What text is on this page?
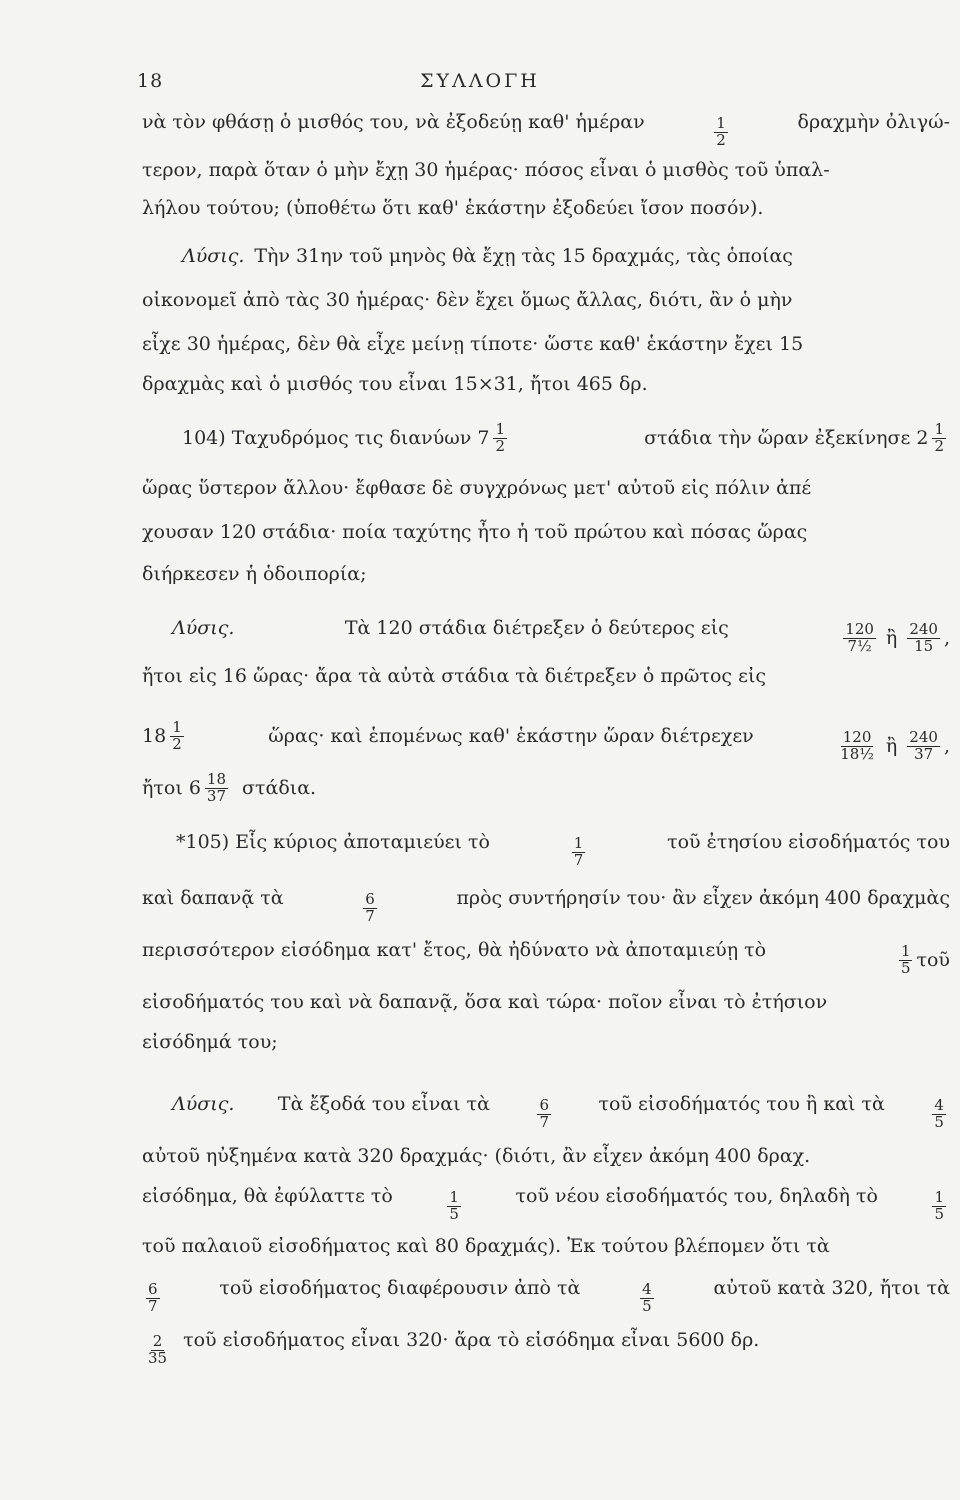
18	ΣΥΛΛΟΓΗ
νὰ τὸν φθάσῃ ὁ μισθός του, νὰ ἐξοδεύῃ καθ' ἡμέραν	1
2
δραχμὴν ὀλιγώ-
τερον, παρὰ ὅταν ὁ μὴν ἔχῃ 30 ἡμέρας· πόσος εἶναι ὁ μισθὸς τοῦ ὑπαλ-
λήλου τούτου; (ὑποθέτω ὅτι καθ' ἑκάστην ἐξοδεύει ἴσον ποσόν).
Λύσις. Τὴν 31ην τοῦ μηνὸς θὰ ἔχῃ τὰς 15 δραχμάς, τὰς ὁποίας
οἰκονομεῖ ἀπὸ τὰς 30 ἡμέρας· δὲν ἔχει ὅμως ἄλλας, διότι, ἂν ὁ μὴν
εἶχε 30 ἡμέρας, δὲν θὰ εἶχε μείνῃ τίποτε· ὥστε καθ' ἑκάστην ἔχει 15
δραχμὰς καὶ ὁ μισθός του εἶναι 15×31, ἤτοι 465 δρ.
104) Ταχυδρόμος τις διανύων 7 1
2	στάδια τὴν ὥραν ἐξεκίνησε 2 1
2
ὥρας ὕστερον ἄλλου· ἔφθασε δὲ συγχρόνως μετ' αὐτοῦ εἰς πόλιν ἀπέ
χουσαν 120 στάδια· ποία ταχύτης ἦτο ἡ τοῦ πρώτου καὶ πόσας ὥρας
διήρκεσεν ἡ ὁδοιπορία;
Λύσις.	Τὰ 120 στάδια διέτρεξεν ὁ δεύτερος εἰς	120
7½ ἢ 240
15 ,
ἤτοι εἰς 16 ὥρας· ἄρα τὰ αὐτὰ στάδια τὰ διέτρεξεν ὁ πρῶτος εἰς
18 1
2	ὥρας· καὶ ἑπομένως καθ' ἑκάστην ὥραν διέτρεχεν	120
18½ ἢ 240
37 ,
ἤτοι 6 18
37 στάδια.
*105) Εἷς κύριος ἀποταμιεύει τὸ	1
7
τοῦ ἐτησίου εἰσοδήματός του
καὶ δαπανᾷ τὰ	6
7
πρὸς συντήρησίν του· ἂν εἶχεν ἀκόμη 400 δραχμὰς
περισσότερον εἰσόδημα κατ' ἔτος, θὰ ἠδύνατο νὰ ἀποταμιεύῃ τὸ	1
5 τοῦ
εἰσοδήματός του καὶ νὰ δαπανᾷ, ὅσα καὶ τώρα· ποῖον εἶναι τὸ ἐτήσιον
εἰσόδημά του;
Λύσις. Τὰ ἔξοδά του εἶναι τὰ	6
7
τοῦ εἰσοδήματός του ἢ καὶ τὰ	4
5
αὐτοῦ ηὐξημένα κατὰ 320 δραχμάς· (διότι, ἂν εἶχεν ἀκόμη 400 δραχ.
εἰσόδημα, θὰ ἐφύλαττε τὸ	1
5
τοῦ νέου εἰσοδήματός του, δηλαδὴ τὸ	1
5
τοῦ παλαιοῦ εἰσοδήματος καὶ 80 δραχμάς). Ἐκ τούτου βλέπομεν ὅτι τὰ
6
7
τοῦ εἰσοδήματος διαφέρουσιν ἀπὸ τὰ	4
5
αὐτοῦ κατὰ 320, ἤτοι τὰ
2
35
τοῦ εἰσοδήματος εἶναι 320· ἄρα τὸ εἰσόδημα εἶναι 5600 δρ.
